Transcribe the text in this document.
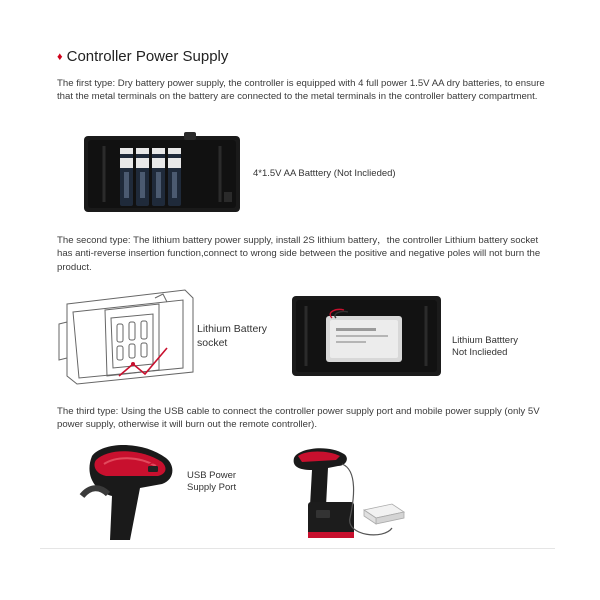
♦ Controller Power Supply
The first type: Dry battery power supply, the controller is equipped with 4 full power 1.5V AA dry batteries, to ensure that the metal terminals on the battery are connected to the metal terminals in the controller battery compartment.
4*1.5V AA Batttery (Not Inclieded)
The second type: The lithium battery power supply, install 2S lithium battery，the controller Lithium battery socket has anti-reverse insertion function,connect to wrong side between the positive and negative poles will not burn the product.
Lithium Battery
socket	Lithium Batttery
Not Inclieded
The third type: Using the USB cable to connect the controller power supply port and mobile power supply (only 5V power supply, otherwise it will burn out the remote controller).
USB Power
Supply Port
